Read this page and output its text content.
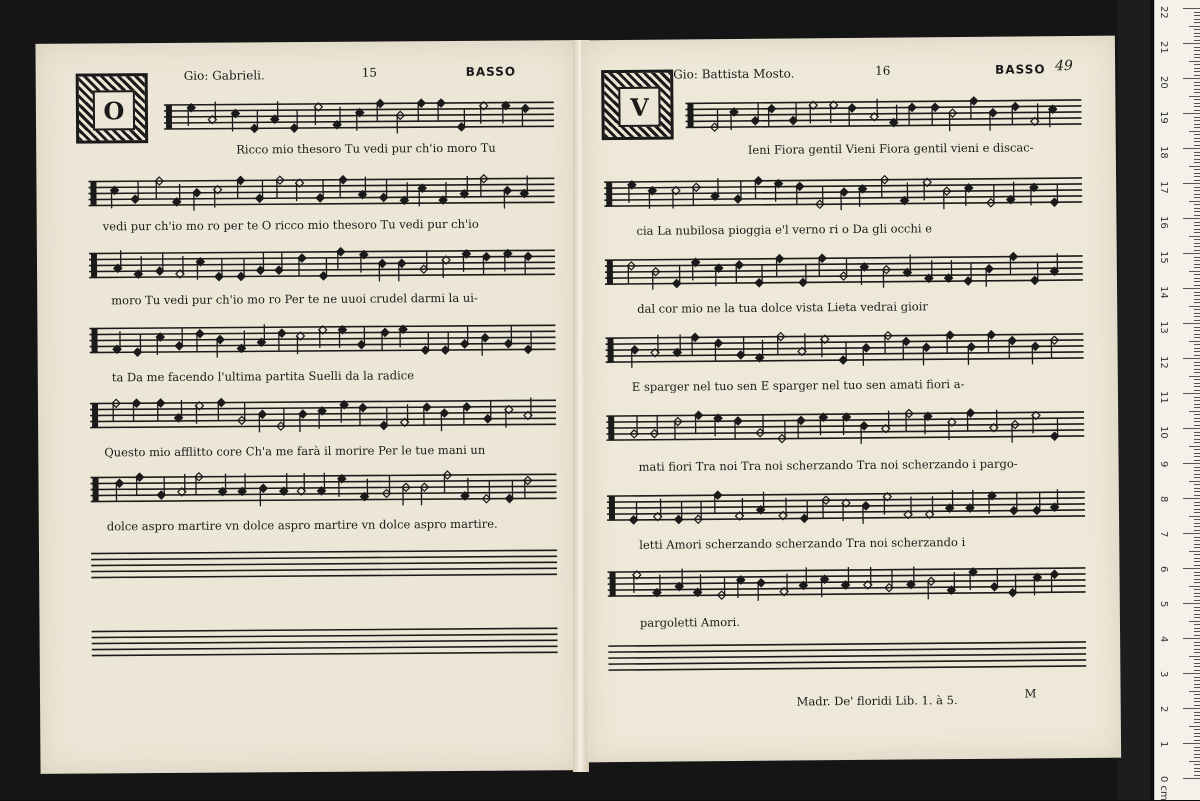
O
Gio: Gabrieli.	15	BASSO
Ricco mio thesoro Tu vedi pur ch'io moro Tu
vedi pur ch'io mo ro per te O ricco mio thesoro Tu vedi pur ch'io
moro Tu vedi pur ch'io mo ro Per te ne uuoi crudel darmi la ui-
ta Da me facendo l'ultima partita Suelli da la radice
Questo mio afflitto core Ch'a me farà il morire Per le tue mani un
dolce aspro martire vn dolce aspro martire vn dolce aspro martire.
V
Gio: Battista Mosto.	16	BASSO 49
Ieni Fiora gentil Vieni Fiora gentil vieni e discac-
cia La nubilosa pioggia e'l verno ri o Da gli occhi e
dal cor mio ne la tua dolce vista Lieta vedrai gioir
E sparger nel tuo sen E sparger nel tuo sen amati fiori a-
mati fiori Tra noi Tra noi scherzando Tra noi scherzando i pargo-
letti Amori scherzando scherzando Tra noi scherzando i
pargoletti Amori.
Madr. De' floridi Lib. 1. à 5.	M
22
21
20
19
18
17
16
15
14
13
12
11
10
9
8
7
6
5
4
3
2
1
0 cm
